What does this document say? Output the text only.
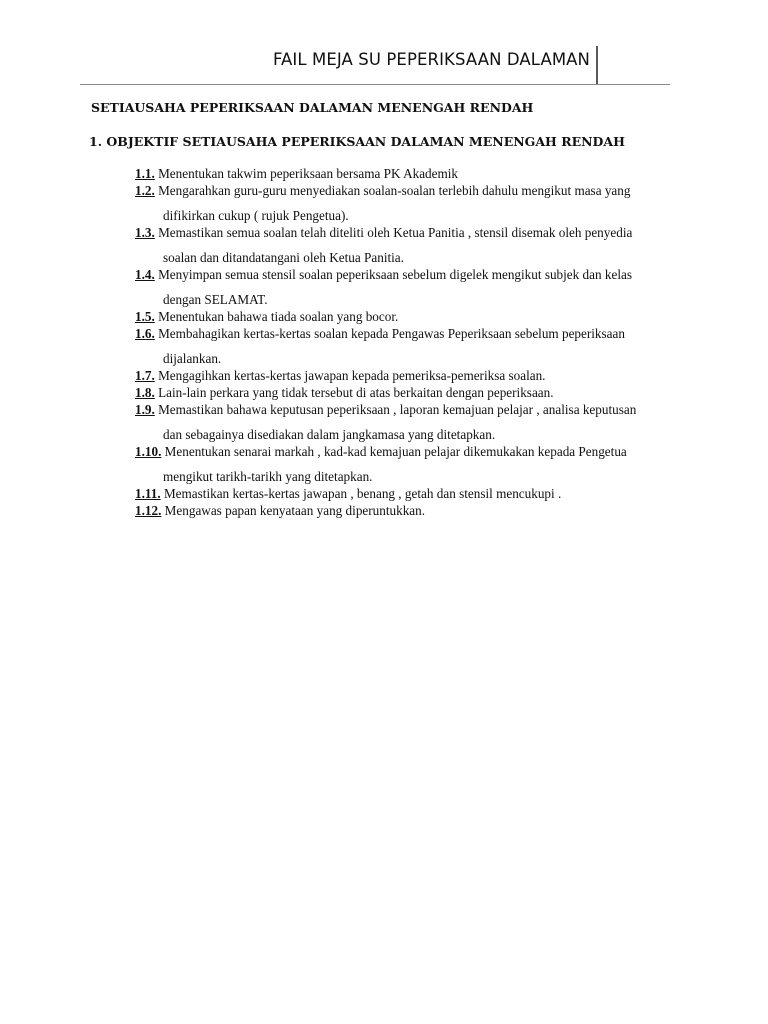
FAIL MEJA SU PEPERIKSAAN DALAMAN
SETIAUSAHA PEPERIKSAAN DALAMAN MENENGAH RENDAH
1. OBJEKTIF SETIAUSAHA PEPERIKSAAN DALAMAN MENENGAH RENDAH
1.1. Menentukan takwim peperiksaan bersama PK Akademik
1.2. Mengarahkan guru-guru menyediakan soalan-soalan terlebih dahulu mengikut masa yang
difikirkan cukup ( rujuk Pengetua).
1.3. Memastikan semua soalan telah diteliti oleh Ketua Panitia , stensil disemak oleh penyedia
soalan dan ditandatangani oleh Ketua Panitia.
1.4. Menyimpan semua stensil soalan peperiksaan sebelum digelek mengikut subjek dan kelas
dengan SELAMAT.
1.5. Menentukan bahawa tiada soalan yang bocor.
1.6. Membahagikan kertas-kertas soalan kepada Pengawas Peperiksaan sebelum peperiksaan
dijalankan.
1.7. Mengagihkan kertas-kertas jawapan kepada pemeriksa-pemeriksa soalan.
1.8. Lain-lain perkara yang tidak tersebut di atas berkaitan dengan peperiksaan.
1.9. Memastikan bahawa keputusan peperiksaan , laporan kemajuan pelajar , analisa keputusan
dan sebagainya disediakan dalam jangkamasa yang ditetapkan.
1.10. Menentukan senarai markah , kad-kad kemajuan pelajar dikemukakan kepada Pengetua
mengikut tarikh-tarikh yang ditetapkan.
1.11. Memastikan kertas-kertas jawapan , benang , getah dan stensil mencukupi .
1.12. Mengawas papan kenyataan yang diperuntukkan.
